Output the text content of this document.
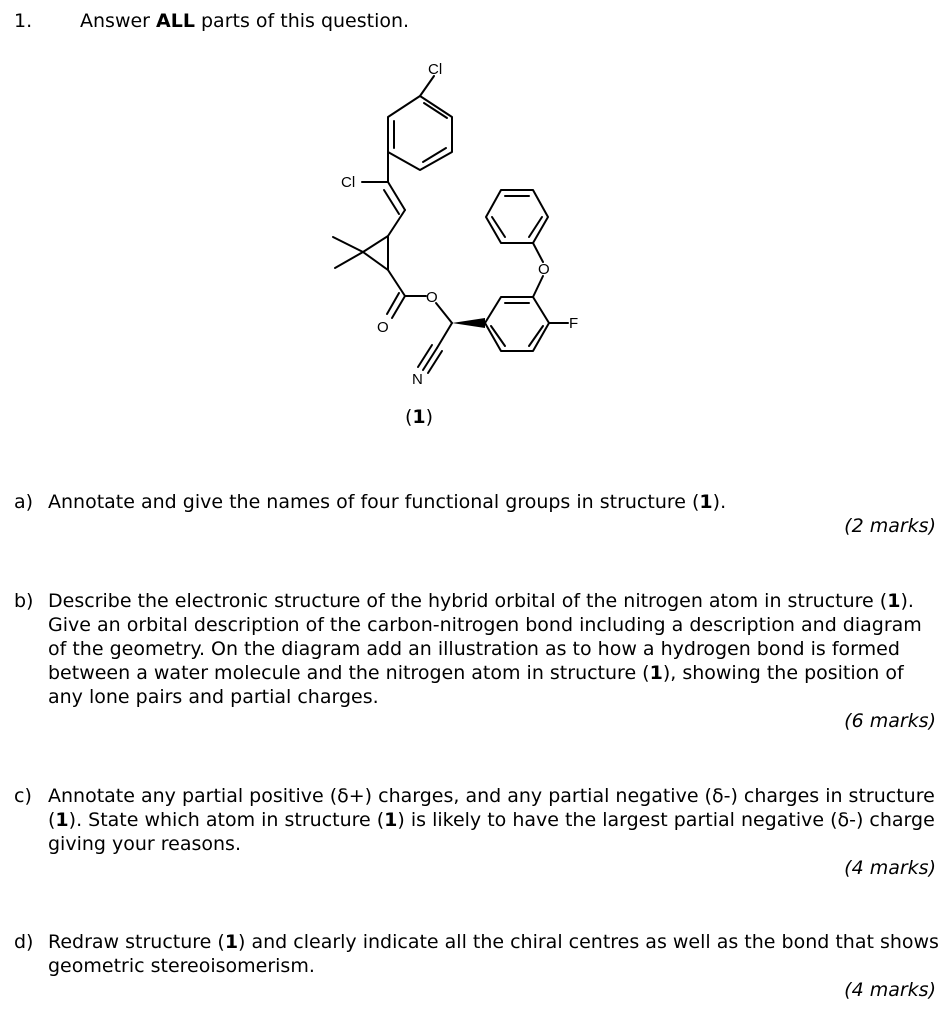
1.	Answer ALL parts of this question.
Cl
Cl
O
O
O
N
F
(1)
a) Annotate and give the names of four functional groups in structure (1).
(2 marks)
b) Describe the electronic structure of the hybrid orbital of the nitrogen atom in structure (1). Give an orbital description of the carbon-nitrogen bond including a description and diagram of the geometry. On the diagram add an illustration as to how a hydrogen bond is formed between a water molecule and the nitrogen atom in structure (1), showing the position of any lone pairs and partial charges.
(6 marks)
c) Annotate any partial positive (δ+) charges, and any partial negative (δ-) charges in structure (1). State which atom in structure (1) is likely to have the largest partial negative (δ-) charge giving your reasons.
(4 marks)
d) Redraw structure (1) and clearly indicate all the chiral centres as well as the bond that shows geometric stereoisomerism.
(4 marks)
